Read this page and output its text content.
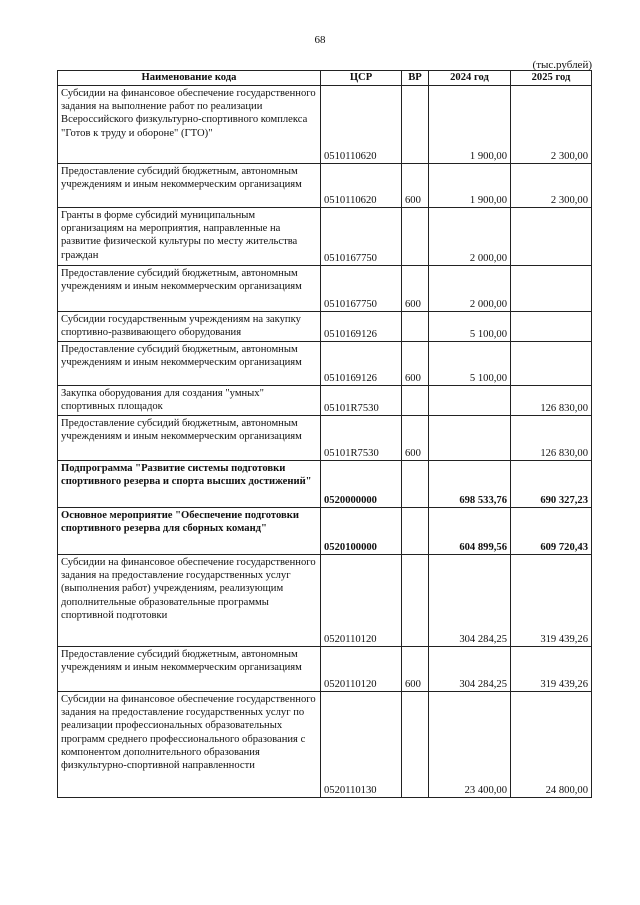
68
(тыс.рублей)
Наименование кода	ЦСР	ВР	2024 год	2025 год
Субсидии на финансовое обеспечение государственного задания на выполнение работ по реализации Всероссийского физкультурно-спортивного комплекса "Готов к труду и обороне" (ГТО)"	0510110620		1 900,00	2 300,00
Предоставление субсидий бюджетным, автономным учреждениям и иным некоммерческим организациям	0510110620	600	1 900,00	2 300,00
Гранты в форме субсидий муниципальным организациям на мероприятия, направленные на развитие физической культуры по месту жительства граждан	0510167750		2 000,00	
Предоставление субсидий бюджетным, автономным учреждениям и иным некоммерческим организациям	0510167750	600	2 000,00	
Субсидии государственным учреждениям на закупку спортивно-развивающего оборудования	0510169126		5 100,00	
Предоставление субсидий бюджетным, автономным учреждениям и иным некоммерческим организациям	0510169126	600	5 100,00	
Закупка оборудования для создания "умных" спортивных площадок	05101R7530			126 830,00
Предоставление субсидий бюджетным, автономным учреждениям и иным некоммерческим организациям	05101R7530	600		126 830,00
Подпрограмма "Развитие системы подготовки спортивного резерва и спорта высших достижений"	0520000000		698 533,76	690 327,23
Основное мероприятие "Обеспечение подготовки спортивного резерва для сборных команд"	0520100000		604 899,56	609 720,43
Субсидии на финансовое обеспечение государственного задания на предоставление государственных услуг (выполнения работ) учреждениям, реализующим дополнительные образовательные программы спортивной подготовки	0520110120		304 284,25	319 439,26
Предоставление субсидий бюджетным, автономным учреждениям и иным некоммерческим организациям	0520110120	600	304 284,25	319 439,26
Субсидии на финансовое обеспечение государственного задания на предоставление государственных услуг по реализации профессиональных образовательных программ среднего профессионального образования с компонентом дополнительного образования физкультурно-спортивной направленности	0520110130		23 400,00	24 800,00
